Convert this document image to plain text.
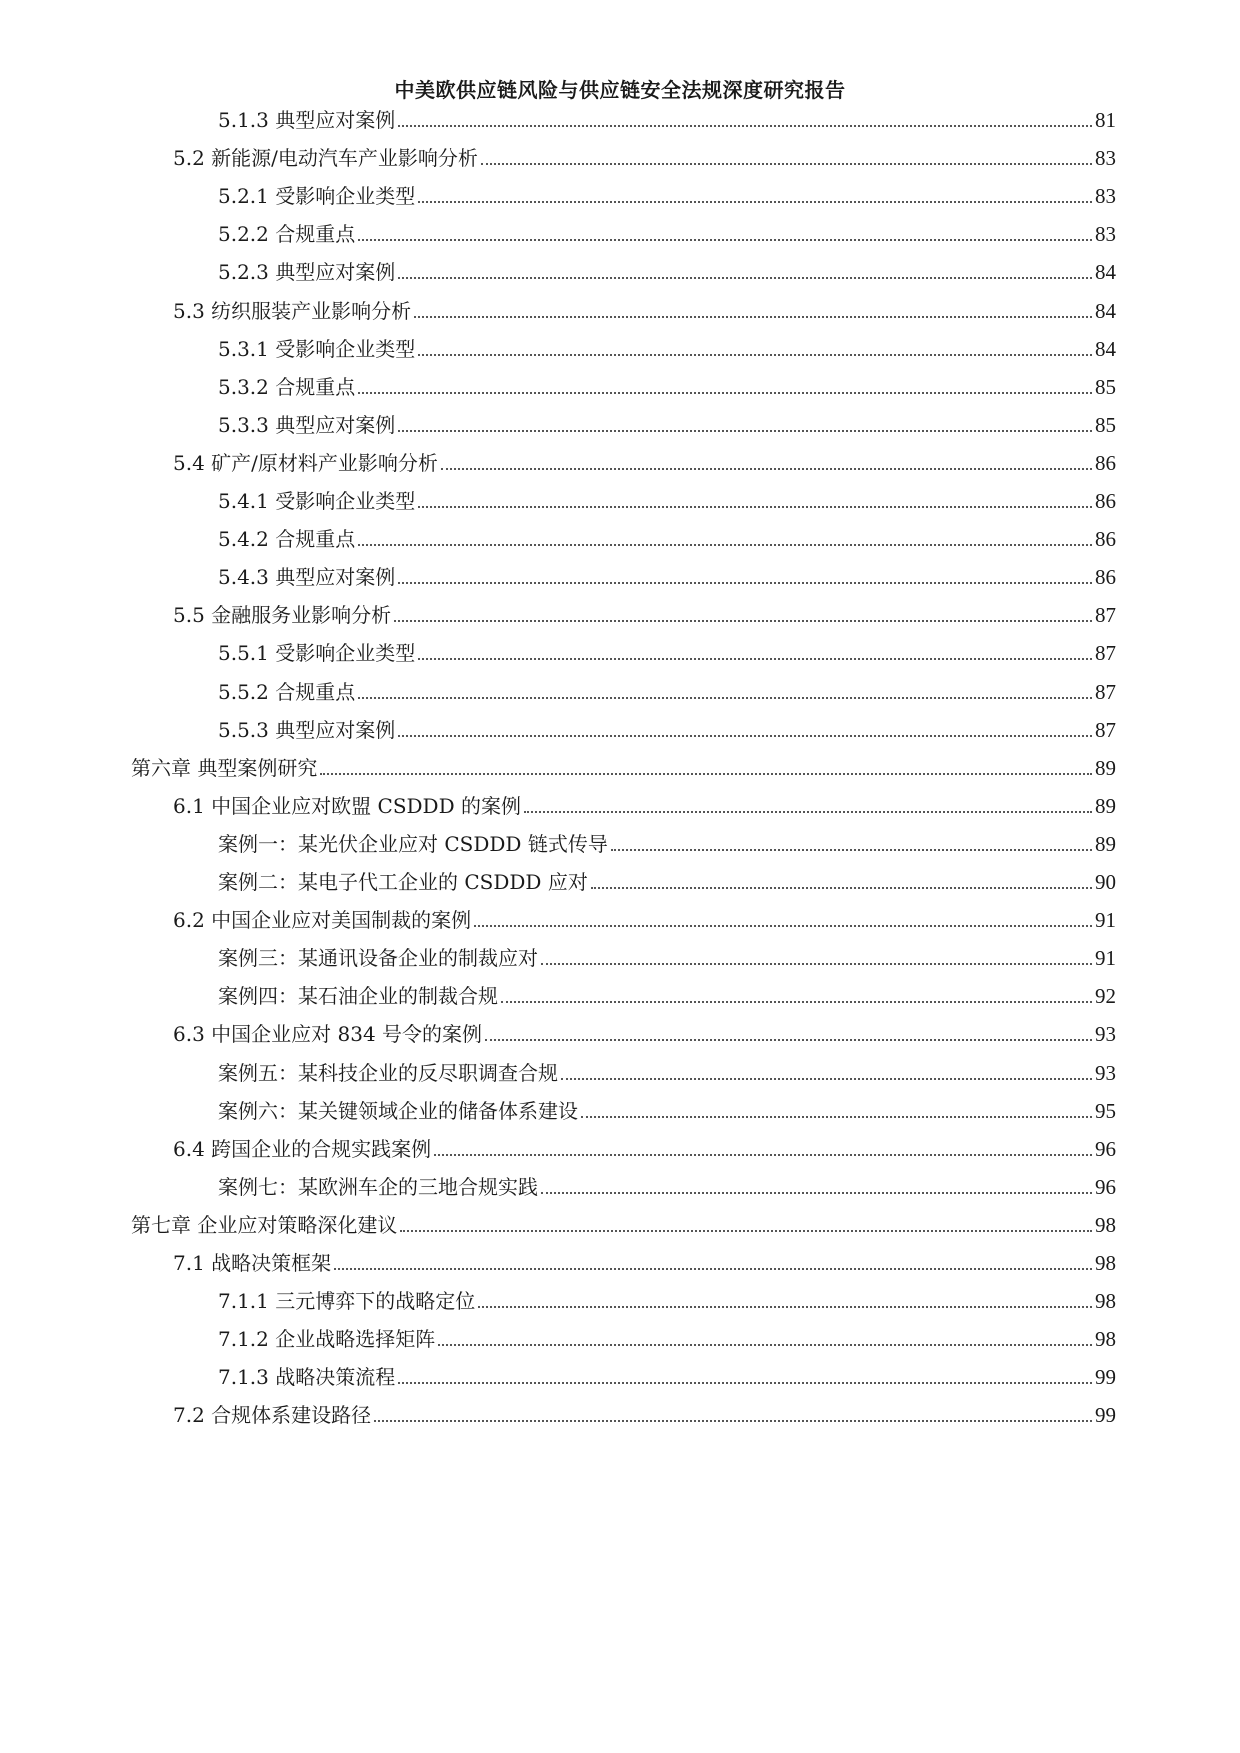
中美欧供应链风险与供应链安全法规深度研究报告
5.1.3 典型应对案例	81
5.2 新能源/电动汽车产业影响分析	83
5.2.1 受影响企业类型	83
5.2.2 合规重点	83
5.2.3 典型应对案例	84
5.3 纺织服装产业影响分析	84
5.3.1 受影响企业类型	84
5.3.2 合规重点	85
5.3.3 典型应对案例	85
5.4 矿产/原材料产业影响分析	86
5.4.1 受影响企业类型	86
5.4.2 合规重点	86
5.4.3 典型应对案例	86
5.5 金融服务业影响分析	87
5.5.1 受影响企业类型	87
5.5.2 合规重点	87
5.5.3 典型应对案例	87
第六章 典型案例研究	89
6.1 中国企业应对欧盟 CSDDD 的案例	89
案例一：某光伏企业应对 CSDDD 链式传导	89
案例二：某电子代工企业的 CSDDD 应对	90
6.2 中国企业应对美国制裁的案例	91
案例三：某通讯设备企业的制裁应对	91
案例四：某石油企业的制裁合规	92
6.3 中国企业应对 834 号令的案例	93
案例五：某科技企业的反尽职调查合规	93
案例六：某关键领域企业的储备体系建设	95
6.4 跨国企业的合规实践案例	96
案例七：某欧洲车企的三地合规实践	96
第七章 企业应对策略深化建议	98
7.1 战略决策框架	98
7.1.1 三元博弈下的战略定位	98
7.1.2 企业战略选择矩阵	98
7.1.3 战略决策流程	99
7.2 合规体系建设路径	99
